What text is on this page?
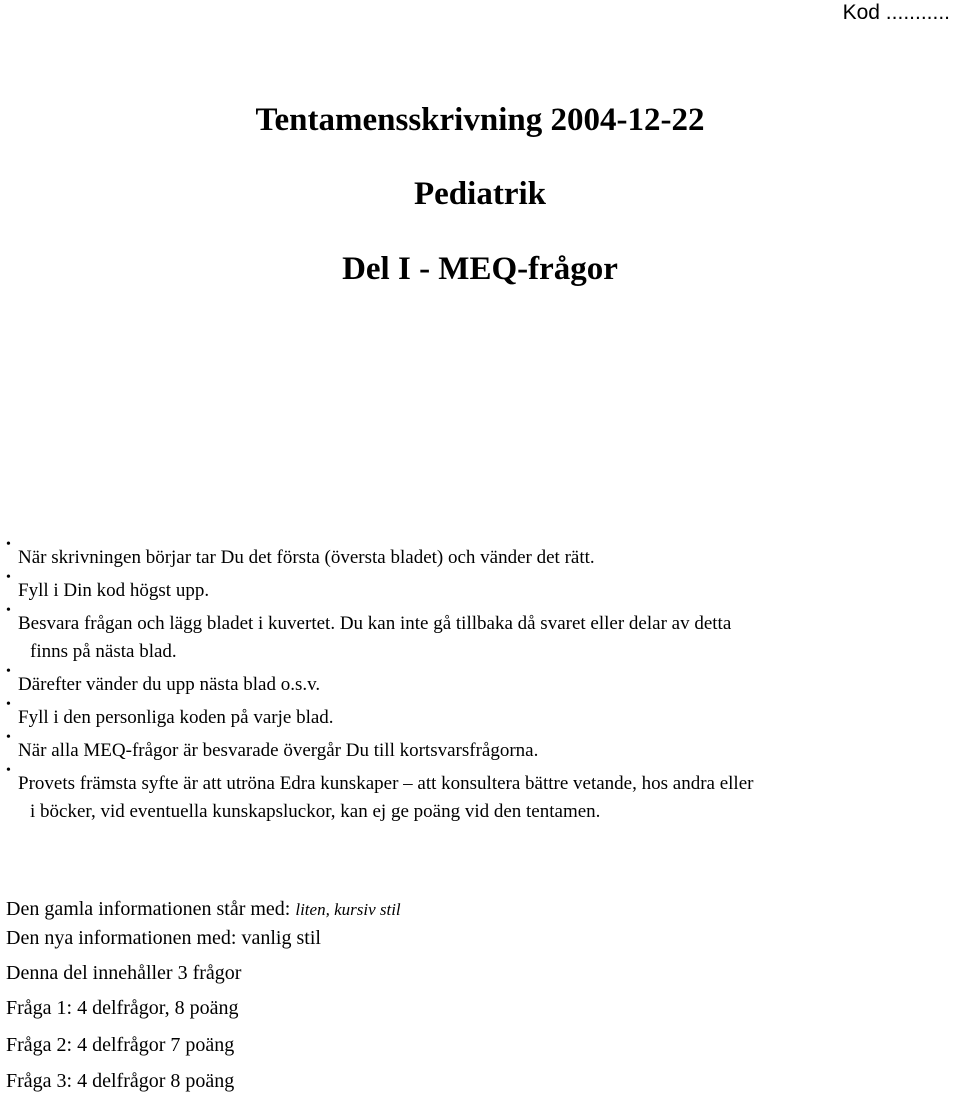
Kod ...........
Tentamensskrivning 2004-12-22
Pediatrik
Del I - MEQ-frågor
•
När skrivningen börjar tar Du det första (översta bladet) och vänder det rätt.
•
Fyll i Din kod högst upp.
•
Besvara frågan och lägg bladet i kuvertet. Du kan inte gå tillbaka då svaret eller delar av detta
finns på nästa blad.
•
Därefter vänder du upp nästa blad o.s.v.
•
Fyll i den personliga koden på varje blad.
•
När alla MEQ-frågor är besvarade övergår Du till kortsvarsfrågorna.
•
Provets främsta syfte är att utröna Edra kunskaper – att konsultera bättre vetande, hos andra eller
i böcker, vid eventuella kunskapsluckor, kan ej ge poäng vid den tentamen.
Den gamla informationen står med: liten, kursiv stil
Den nya informationen med: vanlig stil
Denna del innehåller 3 frågor
Fråga 1: 4 delfrågor, 8 poäng
Fråga 2: 4 delfrågor 7 poäng
Fråga 3: 4 delfrågor 8 poäng
